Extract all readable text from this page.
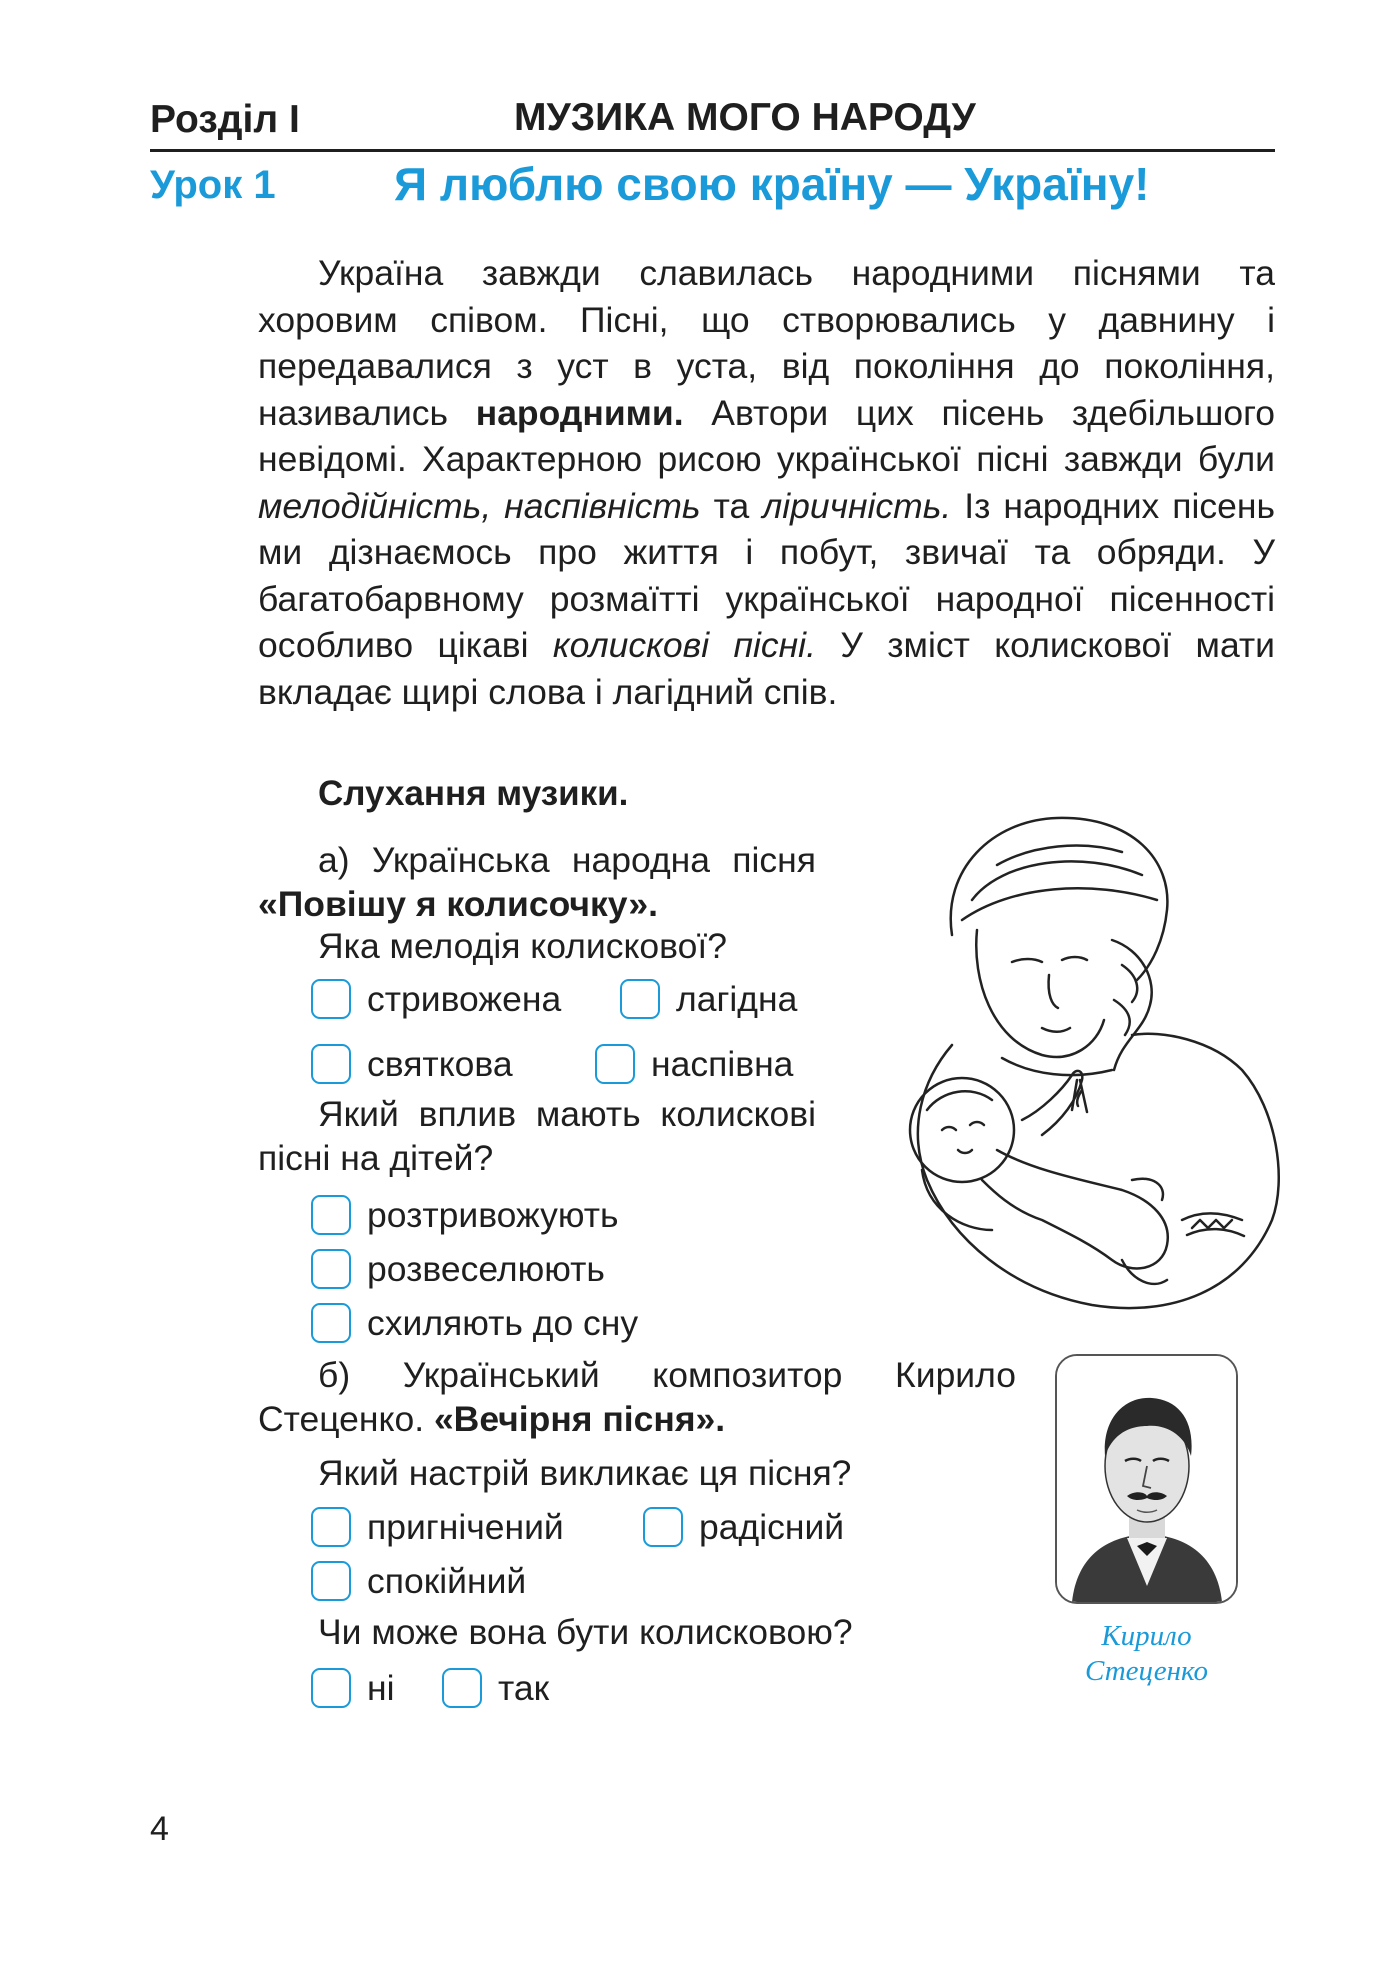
Розділ I	МУЗИКА МОГО НАРОДУ
Урок 1	Я люблю свою країну — Україну!

Україна завжди славилась народними піснями та хоровим співом. Пісні, що створювались у давнину і передавалися з уст в уста, від покоління до покоління, називались народними. Автори цих пісень здебільшого невідомі. Характерною рисою української пісні завжди були мелодійність, наспівність та ліричність. Із народних пісень ми дізнаємось про життя і побут, звичаї та обряди. У багатобарвному розмаїтті української народної пісенності особливо цікаві колискові пісні. У зміст колискової мати вкладає щирі слова і лагідний спів.

Слухання музики.
а) Українська народна пісня «Повішу я колисочку».
Яка мелодія колискової?
стривожена	лагідна
святкова	наспівна
Який вплив мають колискові пісні на дітей?
розтривожують
розвеселюють
схиляють до сну
б) Український композитор Кирило Стеценко. «Вечірня пісня».
Який настрій викликає ця пісня?
пригнічений	радісний
спокійний
Чи може вона бути колисковою?
ні	так
Кирило
Стеценко
4
